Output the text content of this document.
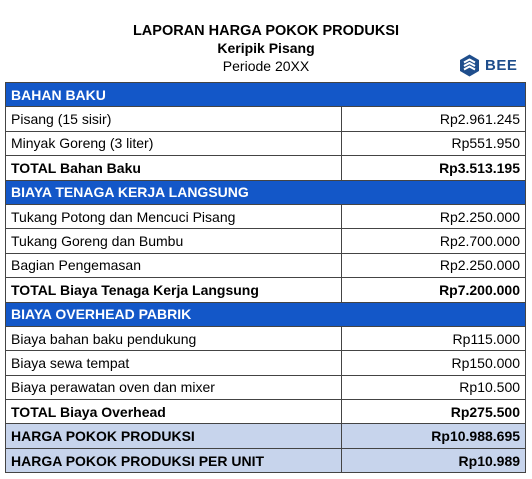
LAPORAN HARGA POKOK PRODUKSI
Keripik Pisang
Periode 20XX	BEE
BAHAN BAKU	
Pisang (15 sisir)	Rp2.961.245
Minyak Goreng (3 liter)	Rp551.950
TOTAL Bahan Baku	Rp3.513.195
BIAYA TENAGA KERJA LANGSUNG	
Tukang Potong dan Mencuci Pisang	Rp2.250.000
Tukang Goreng dan Bumbu	Rp2.700.000
Bagian Pengemasan	Rp2.250.000
TOTAL Biaya Tenaga Kerja Langsung	Rp7.200.000
BIAYA OVERHEAD PABRIK	
Biaya bahan baku pendukung	Rp115.000
Biaya sewa tempat	Rp150.000
Biaya perawatan oven dan mixer	Rp10.500
TOTAL Biaya Overhead	Rp275.500
HARGA POKOK PRODUKSI	Rp10.988.695
HARGA POKOK PRODUKSI PER UNIT	Rp10.989
